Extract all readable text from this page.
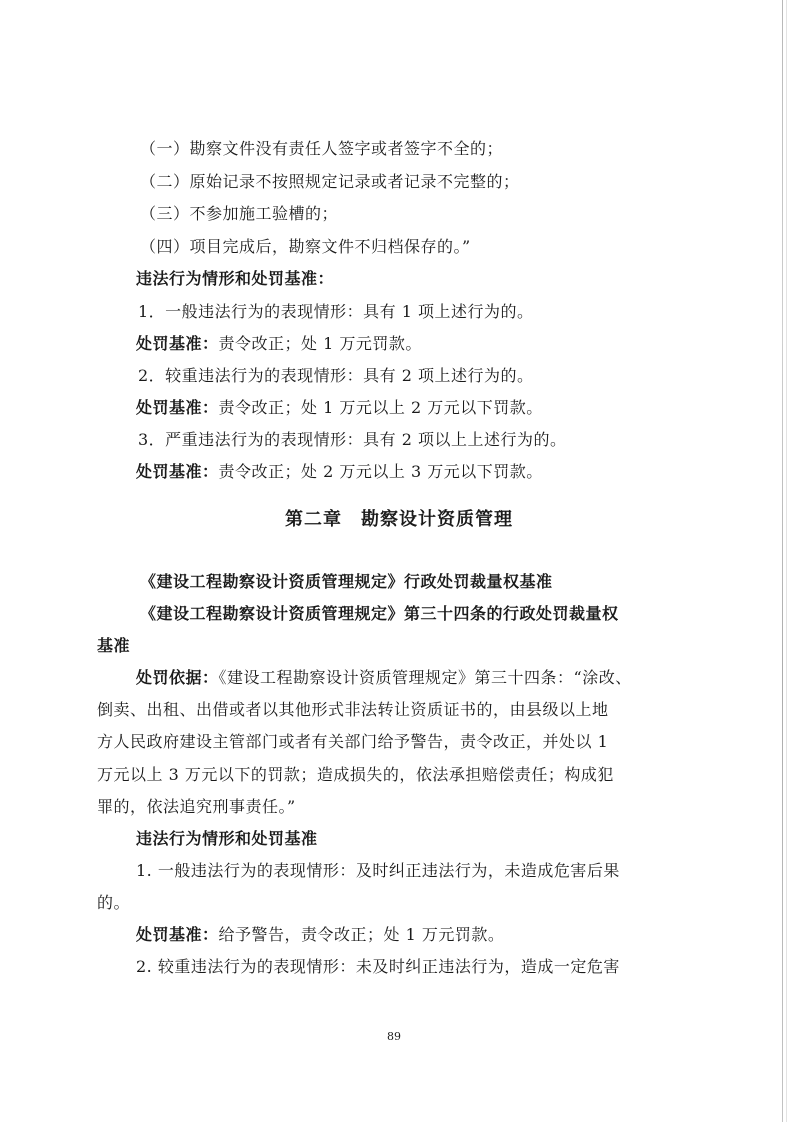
（一）勘察文件没有责任人签字或者签字不全的；
（二）原始记录不按照规定记录或者记录不完整的；
（三）不参加施工验槽的；
（四）项目完成后，勘察文件不归档保存的。”
违法行为情形和处罚基准：
1．一般违法行为的表现情形：具有 1 项上述行为的。
处罚基准：责令改正；处 1 万元罚款。
2．较重违法行为的表现情形：具有 2 项上述行为的。
处罚基准：责令改正；处 1 万元以上 2 万元以下罚款。
3．严重违法行为的表现情形：具有 2 项以上上述行为的。
处罚基准：责令改正；处 2 万元以上 3 万元以下罚款。
第二章　勘察设计资质管理
《建设工程勘察设计资质管理规定》行政处罚裁量权基准
《建设工程勘察设计资质管理规定》第三十四条的行政处罚裁量权
基准
处罚依据：《建设工程勘察设计资质管理规定》第三十四条：“涂改、
倒卖、出租、出借或者以其他形式非法转让资质证书的，由县级以上地
方人民政府建设主管部门或者有关部门给予警告，责令改正，并处以 1
万元以上 3 万元以下的罚款；造成损失的，依法承担赔偿责任；构成犯
罪的，依法追究刑事责任。”
违法行为情形和处罚基准
1. 一般违法行为的表现情形：及时纠正违法行为，未造成危害后果
的。
处罚基准：给予警告，责令改正；处 1 万元罚款。
2. 较重违法行为的表现情形：未及时纠正违法行为，造成一定危害
89
